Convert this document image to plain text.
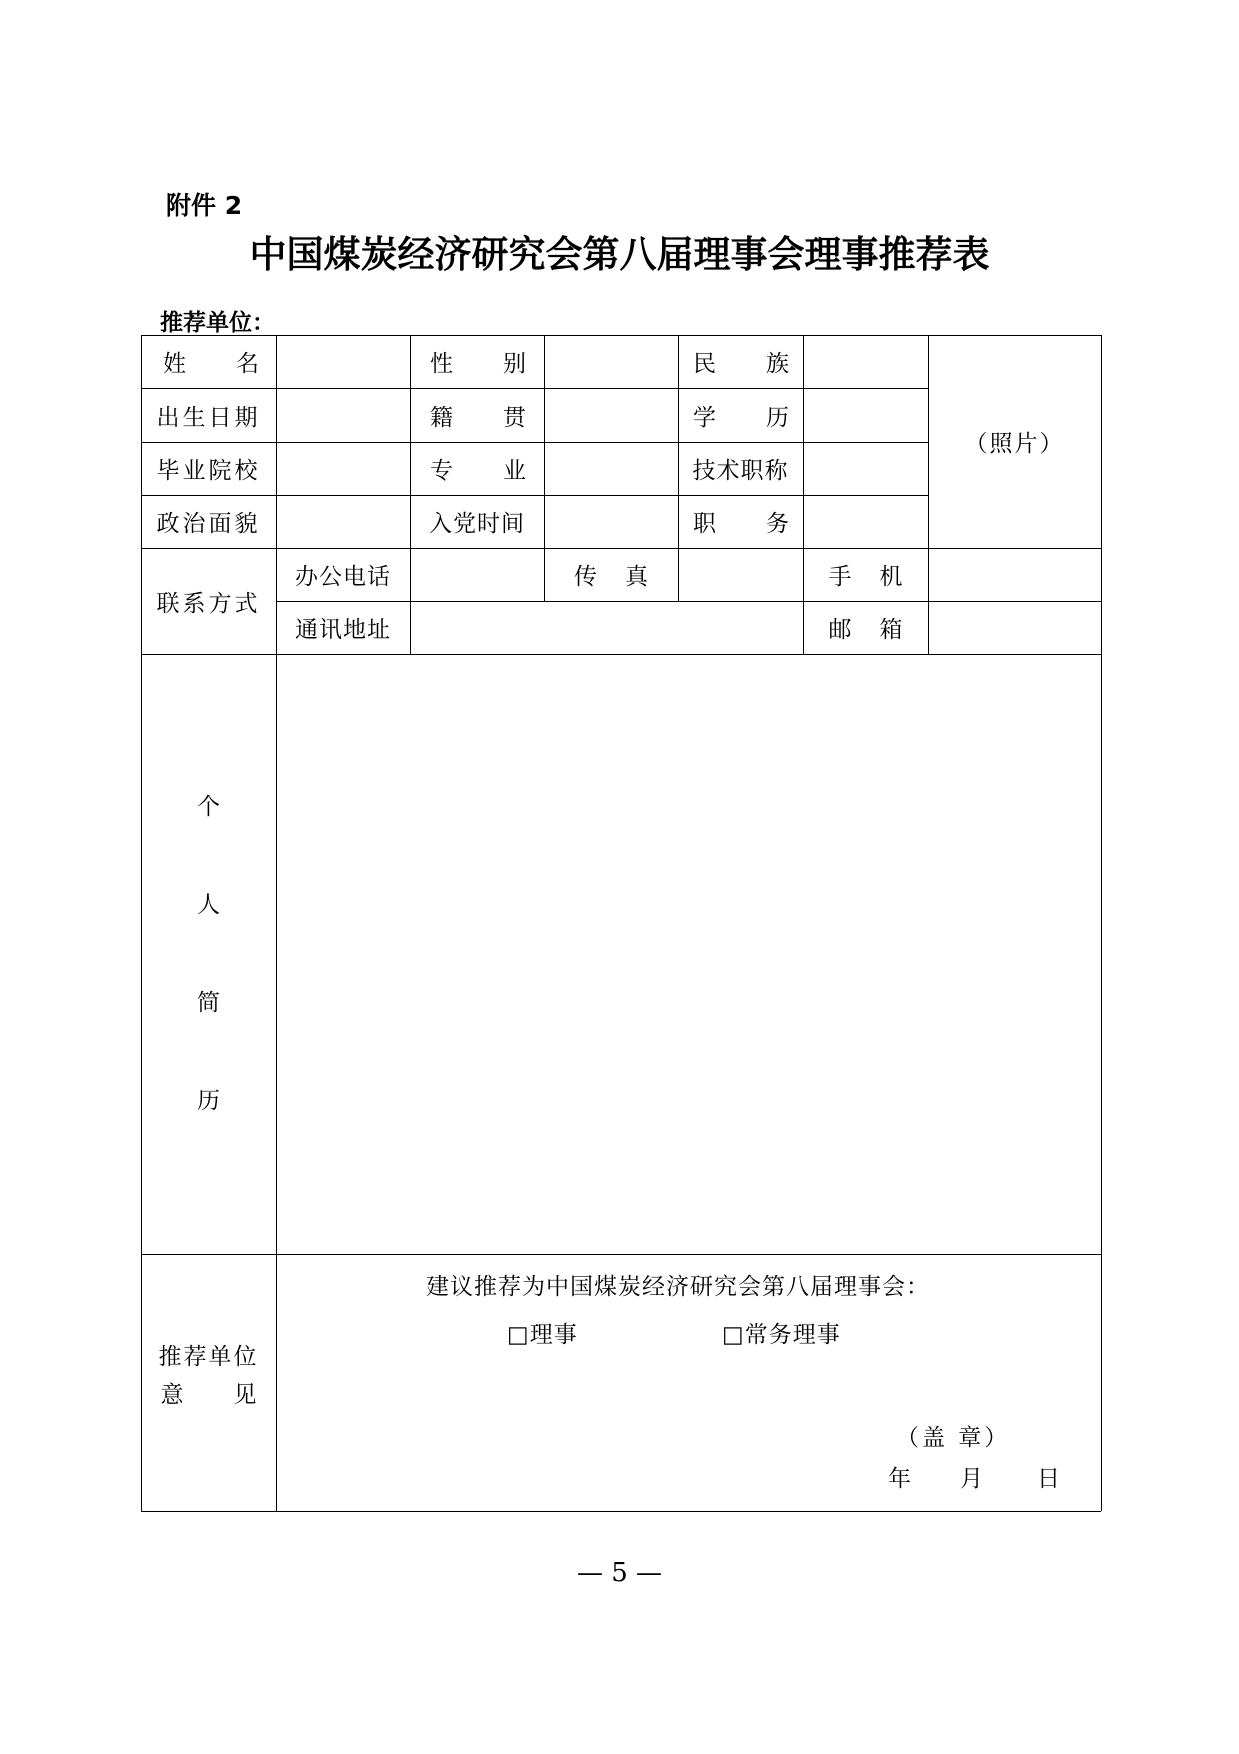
附件 2
中国煤炭经济研究会第八届理事会理事推荐表
推荐单位：
姓名	性别	民族
出生日期	籍贯	学历
毕业院校	专业	技术职称
政治面貌	入党时间	职务
（照片）
联系方式
办公电话	传真	手机
通讯地址	邮箱
个
人
简
历
推荐单位
意见
建议推荐为中国煤炭经济研究会第八届理事会：
□理事	□常务理事
（盖 章）
年 月 日
— 5 —
